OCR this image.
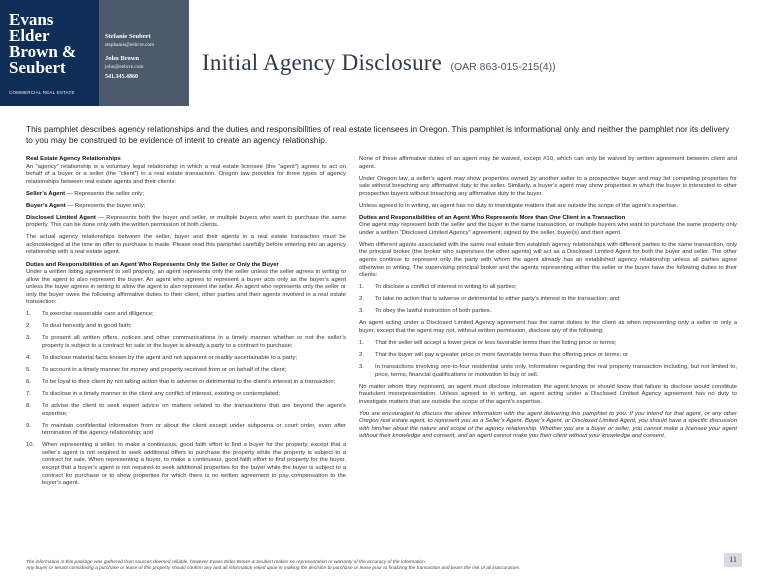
Evans
Elder
Brown &
Seubert
COMMERCIAL REAL ESTATE
Stefanie Seubert
stephanie@eebcre.com
John Brown
john@eebcre.com
541.345.4860
Initial Agency Disclosure (OAR 863-015-215(4))
This pamphlet describes agency relationships and the duties and responsibilities of real estate licensees in Oregon. This pamphlet is informational only and neither the pamphlet nor its delivery to you may be construed to be evidence of intent to create an agency relationship.

Real Estate Agency Relationships
An “agency” relationship is a voluntary legal relationship in which a real estate licensee (the “agent”) agrees to act on behalf of a buyer or a seller (the “client”) in a real estate transaction. Oregon law provides for three types of agency relationships between real estate agents and their clients:

Seller’s Agent — Represents the seller only;

Buyer’s Agent — Represents the buyer only;

Disclosed Limited Agent — Represents both the buyer and seller, or multiple buyers who want to purchase the same property. This can be done only with the written permission of both clients.

The actual agency relationships between the seller, buyer and their agents in a real estate transaction must be acknowledged at the time an offer to purchase is made. Please read this pamphlet carefully before entering into an agency relationship with a real estate agent.

Duties and Responsibilities of an Agent Who Represents Only the Seller or Only the Buyer
Under a written listing agreement to sell property, an agent represents only the seller unless the seller agrees in writing to allow the agent to also represent the buyer. An agent who agrees to represent a buyer acts only as the buyer’s agent unless the buyer agrees in writing to allow the agent to also represent the seller. An agent who represents only the seller or only the buyer owes the following affirmative duties to their client, other parties and their agents involved in a real estate transaction:

1.	To exercise reasonable care and diligence;
2.	To deal honestly and in good faith;
3.	To present all written offers, notices and other communications in a timely manner whether or not the seller’s property is subject to a contract for sale or the buyer is already a party to a contract to purchase;
4.	To disclose material facts known by the agent and not apparent or readily ascertainable to a party;
5.	To account in a timely manner for money and property received from or on behalf of the client;
6.	To be loyal to their client by not taking action that is adverse or detrimental to the client’s interest in a transaction;
7.	To disclose in a timely manner to the client any conflict of interest, existing or contemplated;
8.	To advise the client to seek expert advice on matters related to the transactions that are beyond the agent’s expertise;
9.	To maintain confidential information from or about the client except under subpoena or court order, even after termination of the agency relationship; and
10.	When representing a seller, to make a continuous, good faith effort to find a buyer for the property, except that a seller’s agent is not required to seek additional offers to purchase the property while the property is subject to a contract for sale. When representing a buyer, to make a continuous, good faith effort to find property for the buyer, except that a buyer’s agent is not required to seek additional properties for the buyer while the buyer is subject to a contract for purchase or to show properties for which there is no written agreement to pay compensation to the buyer’s agent.

None of these affirmative duties of an agent may be waived, except #10, which can only be waived by written agreement between client and agent.

Under Oregon law, a seller’s agent may show properties owned by another seller to a prospective buyer and may list competing properties for sale without breaching any affirmative duty to the seller. Similarly, a buyer’s agent may show properties in which the buyer is interested to other prospective buyers without breaching any affirmative duty to the buyer.

Unless agreed to in writing, an agent has no duty to investigate matters that are outside the scope of the agent’s expertise.

Duties and Responsibilities of an Agent Who Represents More than One Client in a Transaction
One agent may represent both the seller and the buyer in the same transaction, or multiple buyers who want to purchase the same property only under a written “Disclosed Limited Agency” agreement, signed by the seller, buyer(s) and their agent.

When different agents associated with the same real estate firm establish agency relationships with different parties to the same transaction, only the principal broker (the broker who supervises the other agents) will act as a Disclosed Limited Agent for both the buyer and seller. The other agents continue to represent only the party with whom the agent already has an established agency relationship unless all parties agree otherwise in writing. The supervising principal broker and the agents representing either the seller or the buyer have the following duties to their clients:

1.	To disclose a conflict of interest in writing to all parties;
2.	To take no action that is adverse or detrimental to either party’s interest in the transaction; and
3.	To obey the lawful instruction of both parties.

An agent acting under a Disclosed Limited Agency agreement has the same duties to the client as when representing only a seller or only a buyer, except that the agent may not, without written permission, disclose any of the following:

1.	That the seller will accept a lower price or less favorable terms than the listing price or terms;
2.	That the buyer will pay a greater price or more favorable terms than the offering price or terms; or
3.	In transactions involving one-to-four residential units only, information regarding the real property transaction including, but not limited to, price, terms, financial qualifications or motivation to buy or sell.

No matter whom they represent, an agent must disclose information the agent knows or should know that failure to disclose would constitute fraudulent misrepresentation. Unless agreed to in writing, an agent acting under a Disclosed Limited Agency agreement has no duty to investigate matters that are outside the scope of the agent’s expertise.

You are encouraged to discuss the above information with the agent delivering this pamphlet to you. If you intend for that agent, or any other Oregon real estate agent, to represent you as a Seller’s Agent, Buyer’s Agent, or Disclosed Limited Agent, you should have a specific discussion with him/her about the nature and scope of the agency relationship. Whether you are a buyer or seller, you cannot make a licensee your agent without their knowledge and consent, and an agent cannot make you their client without your knowledge and consent.

The information in this package was gathered from sources deemed reliable, however Evans Elder Brown & Seubert makes no representation or warranty of the accuracy of the information.
Any buyer or tenant considering a purchase or lease of this property should confirm any and all information relied upon in making the decision to purchase or lease prior to finalizing the transaction and bears the risk of all inaccuracies.
11
